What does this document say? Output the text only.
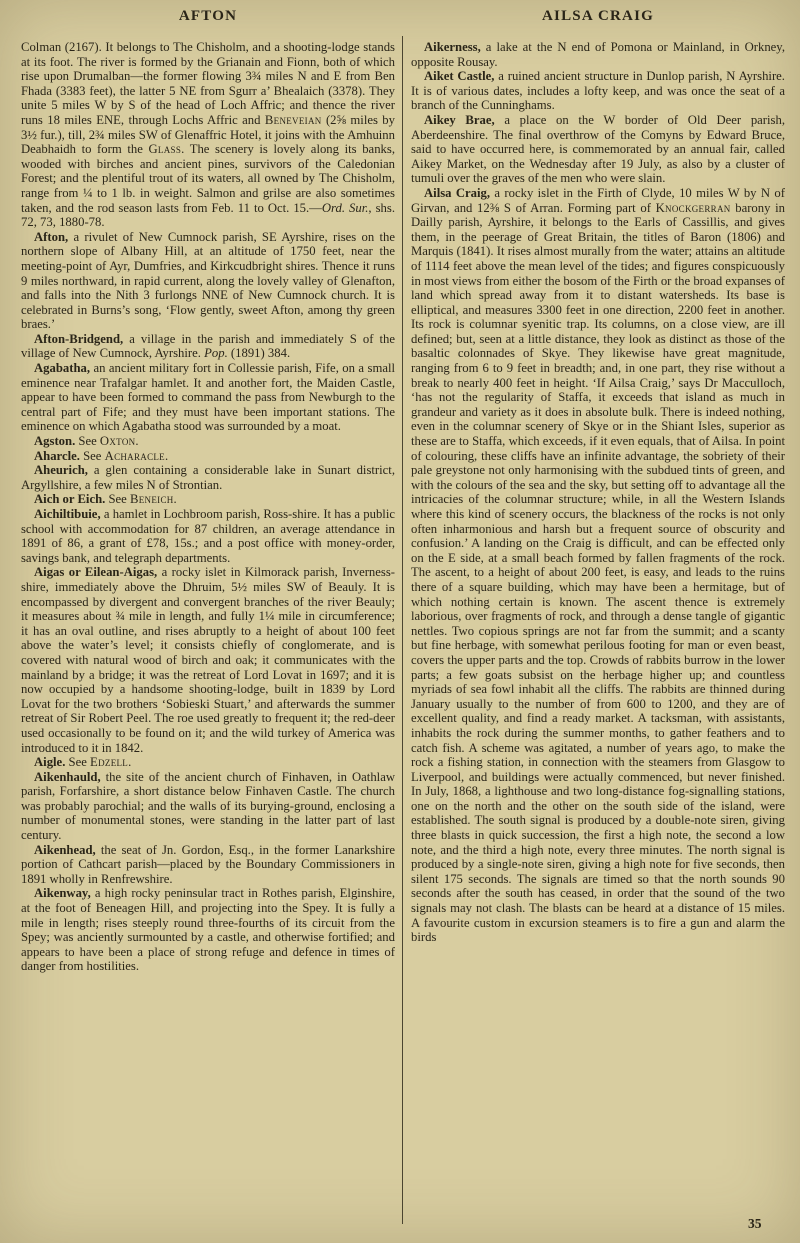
AFTON	AILSA CRAIG

Colman (2167). It belongs to The Chisholm, and a shooting-lodge stands at its foot. The river is formed by the Grianain and Fionn, both of which rise upon Drumalban—the former flowing 3¾ miles N and E from Ben Fhada (3383 feet), the latter 5 NE from Sgurr a’ Bhealaich (3378). They unite 5 miles W by S of the head of Loch Affric; and thence the river runs 18 miles ENE, through Lochs Affric and Beneveian (2⅝ miles by 3½ fur.), till, 2¾ miles SW of Glenaffric Hotel, it joins with the Amhuinn Deabhaidh to form the Glass. The scenery is lovely along its banks, wooded with birches and ancient pines, survivors of the Caledonian Forest; and the plentiful trout of its waters, all owned by The Chisholm, range from ¼ to 1 lb. in weight. Salmon and grilse are also sometimes taken, and the rod season lasts from Feb. 11 to Oct. 15.—Ord. Sur., shs. 72, 73, 1880-78.

Afton, a rivulet of New Cumnock parish, SE Ayrshire, rises on the northern slope of Albany Hill, at an altitude of 1750 feet, near the meeting-point of Ayr, Dumfries, and Kirkcudbright shires. Thence it runs 9 miles northward, in rapid current, along the lovely valley of Glenafton, and falls into the Nith 3 furlongs NNE of New Cumnock church. It is celebrated in Burns’s song, ‘Flow gently, sweet Afton, among thy green braes.’

Afton-Bridgend, a village in the parish and immediately S of the village of New Cumnock, Ayrshire. Pop. (1891) 384.

Agabatha, an ancient military fort in Collessie parish, Fife, on a small eminence near Trafalgar hamlet. It and another fort, the Maiden Castle, appear to have been formed to command the pass from Newburgh to the central part of Fife; and they must have been important stations. The eminence on which Agabatha stood was surrounded by a moat.

Agston. See Oxton.

Aharcle. See Acharacle.

Aheurich, a glen containing a considerable lake in Sunart district, Argyllshire, a few miles N of Strontian.

Aich or Eich. See Beneich.

Aichiltibuie, a hamlet in Lochbroom parish, Ross-shire. It has a public school with accommodation for 87 children, an average attendance in 1891 of 86, a grant of £78, 15s.; and a post office with money-order, savings bank, and telegraph departments.

Aigas or Eilean-Aigas, a rocky islet in Kilmorack parish, Inverness-shire, immediately above the Dhruim, 5½ miles SW of Beauly. It is encompassed by divergent and convergent branches of the river Beauly; it measures about ¾ mile in length, and fully 1¼ mile in circumference; it has an oval outline, and rises abruptly to a height of about 100 feet above the water’s level; it consists chiefly of conglomerate, and is covered with natural wood of birch and oak; it communicates with the mainland by a bridge; it was the retreat of Lord Lovat in 1697; and it is now occupied by a handsome shooting-lodge, built in 1839 by Lord Lovat for the two brothers ‘Sobieski Stuart,’ and afterwards the summer retreat of Sir Robert Peel. The roe used greatly to frequent it; the red-deer used occasionally to be found on it; and the wild turkey of America was introduced to it in 1842.

Aigle. See Edzell.

Aikenhauld, the site of the ancient church of Finhaven, in Oathlaw parish, Forfarshire, a short distance below Finhaven Castle. The church was probably parochial; and the walls of its burying-ground, enclosing a number of monumental stones, were standing in the latter part of last century.

Aikenhead, the seat of Jn. Gordon, Esq., in the former Lanarkshire portion of Cathcart parish—placed by the Boundary Commissioners in 1891 wholly in Renfrewshire.

Aikenway, a high rocky peninsular tract in Rothes parish, Elginshire, at the foot of Beneagen Hill, and projecting into the Spey. It is fully a mile in length; rises steeply round three-fourths of its circuit from the Spey; was anciently surmounted by a castle, and otherwise fortified; and appears to have been a place of strong refuge and defence in times of danger from hostilities.

Aikerness, a lake at the N end of Pomona or Mainland, in Orkney, opposite Rousay.

Aiket Castle, a ruined ancient structure in Dunlop parish, N Ayrshire. It is of various dates, includes a lofty keep, and was once the seat of a branch of the Cunninghams.

Aikey Brae, a place on the W border of Old Deer parish, Aberdeenshire. The final overthrow of the Comyns by Edward Bruce, said to have occurred here, is commemorated by an annual fair, called Aikey Market, on the Wednesday after 19 July, as also by a cluster of tumuli over the graves of the men who were slain.

Ailsa Craig, a rocky islet in the Firth of Clyde, 10 miles W by N of Girvan, and 12⅜ S of Arran. Forming part of Knockgerran barony in Dailly parish, Ayrshire, it belongs to the Earls of Cassillis, and gives them, in the peerage of Great Britain, the titles of Baron (1806) and Marquis (1841). It rises almost murally from the water; attains an altitude of 1114 feet above the mean level of the tides; and figures conspicuously in most views from either the bosom of the Firth or the broad expanses of land which spread away from it to distant watersheds. Its base is elliptical, and measures 3300 feet in one direction, 2200 feet in another. Its rock is columnar syenitic trap. Its columns, on a close view, are ill defined; but, seen at a little distance, they look as distinct as those of the basaltic colonnades of Skye. They likewise have great magnitude, ranging from 6 to 9 feet in breadth; and, in one part, they rise without a break to nearly 400 feet in height. ‘If Ailsa Craig,’ says Dr Macculloch, ‘has not the regularity of Staffa, it exceeds that island as much in grandeur and variety as it does in absolute bulk. There is indeed nothing, even in the columnar scenery of Skye or in the Shiant Isles, superior as these are to Staffa, which exceeds, if it even equals, that of Ailsa. In point of colouring, these cliffs have an infinite advantage, the sobriety of their pale greystone not only harmonising with the subdued tints of green, and with the colours of the sea and the sky, but setting off to advantage all the intricacies of the columnar structure; while, in all the Western Islands where this kind of scenery occurs, the blackness of the rocks is not only often inharmonious and harsh but a frequent source of obscurity and confusion.’ A landing on the Craig is difficult, and can be effected only on the E side, at a small beach formed by fallen fragments of the rock. The ascent, to a height of about 200 feet, is easy, and leads to the ruins there of a square building, which may have been a hermitage, but of which nothing certain is known. The ascent thence is extremely laborious, over fragments of rock, and through a dense tangle of gigantic nettles. Two copious springs are not far from the summit; and a scanty but fine herbage, with somewhat perilous footing for man or even beast, covers the upper parts and the top. Crowds of rabbits burrow in the lower parts; a few goats subsist on the herbage higher up; and countless myriads of sea fowl inhabit all the cliffs. The rabbits are thinned during January usually to the number of from 600 to 1200, and they are of excellent quality, and find a ready market. A tacksman, with assistants, inhabits the rock during the summer months, to gather feathers and to catch fish. A scheme was agitated, a number of years ago, to make the rock a fishing station, in connection with the steamers from Glasgow to Liverpool, and buildings were actually commenced, but never finished. In July, 1868, a lighthouse and two long-distance fog-signalling stations, one on the north and the other on the south side of the island, were established. The south signal is produced by a double-note siren, giving three blasts in quick succession, the first a high note, the second a low note, and the third a high note, every three minutes. The north signal is produced by a single-note siren, giving a high note for five seconds, then silent 175 seconds. The signals are timed so that the north sounds 90 seconds after the south has ceased, in order that the sound of the two signals may not clash. The blasts can be heard at a distance of 15 miles. A favourite custom in excursion steamers is to fire a gun and alarm the birds

35
